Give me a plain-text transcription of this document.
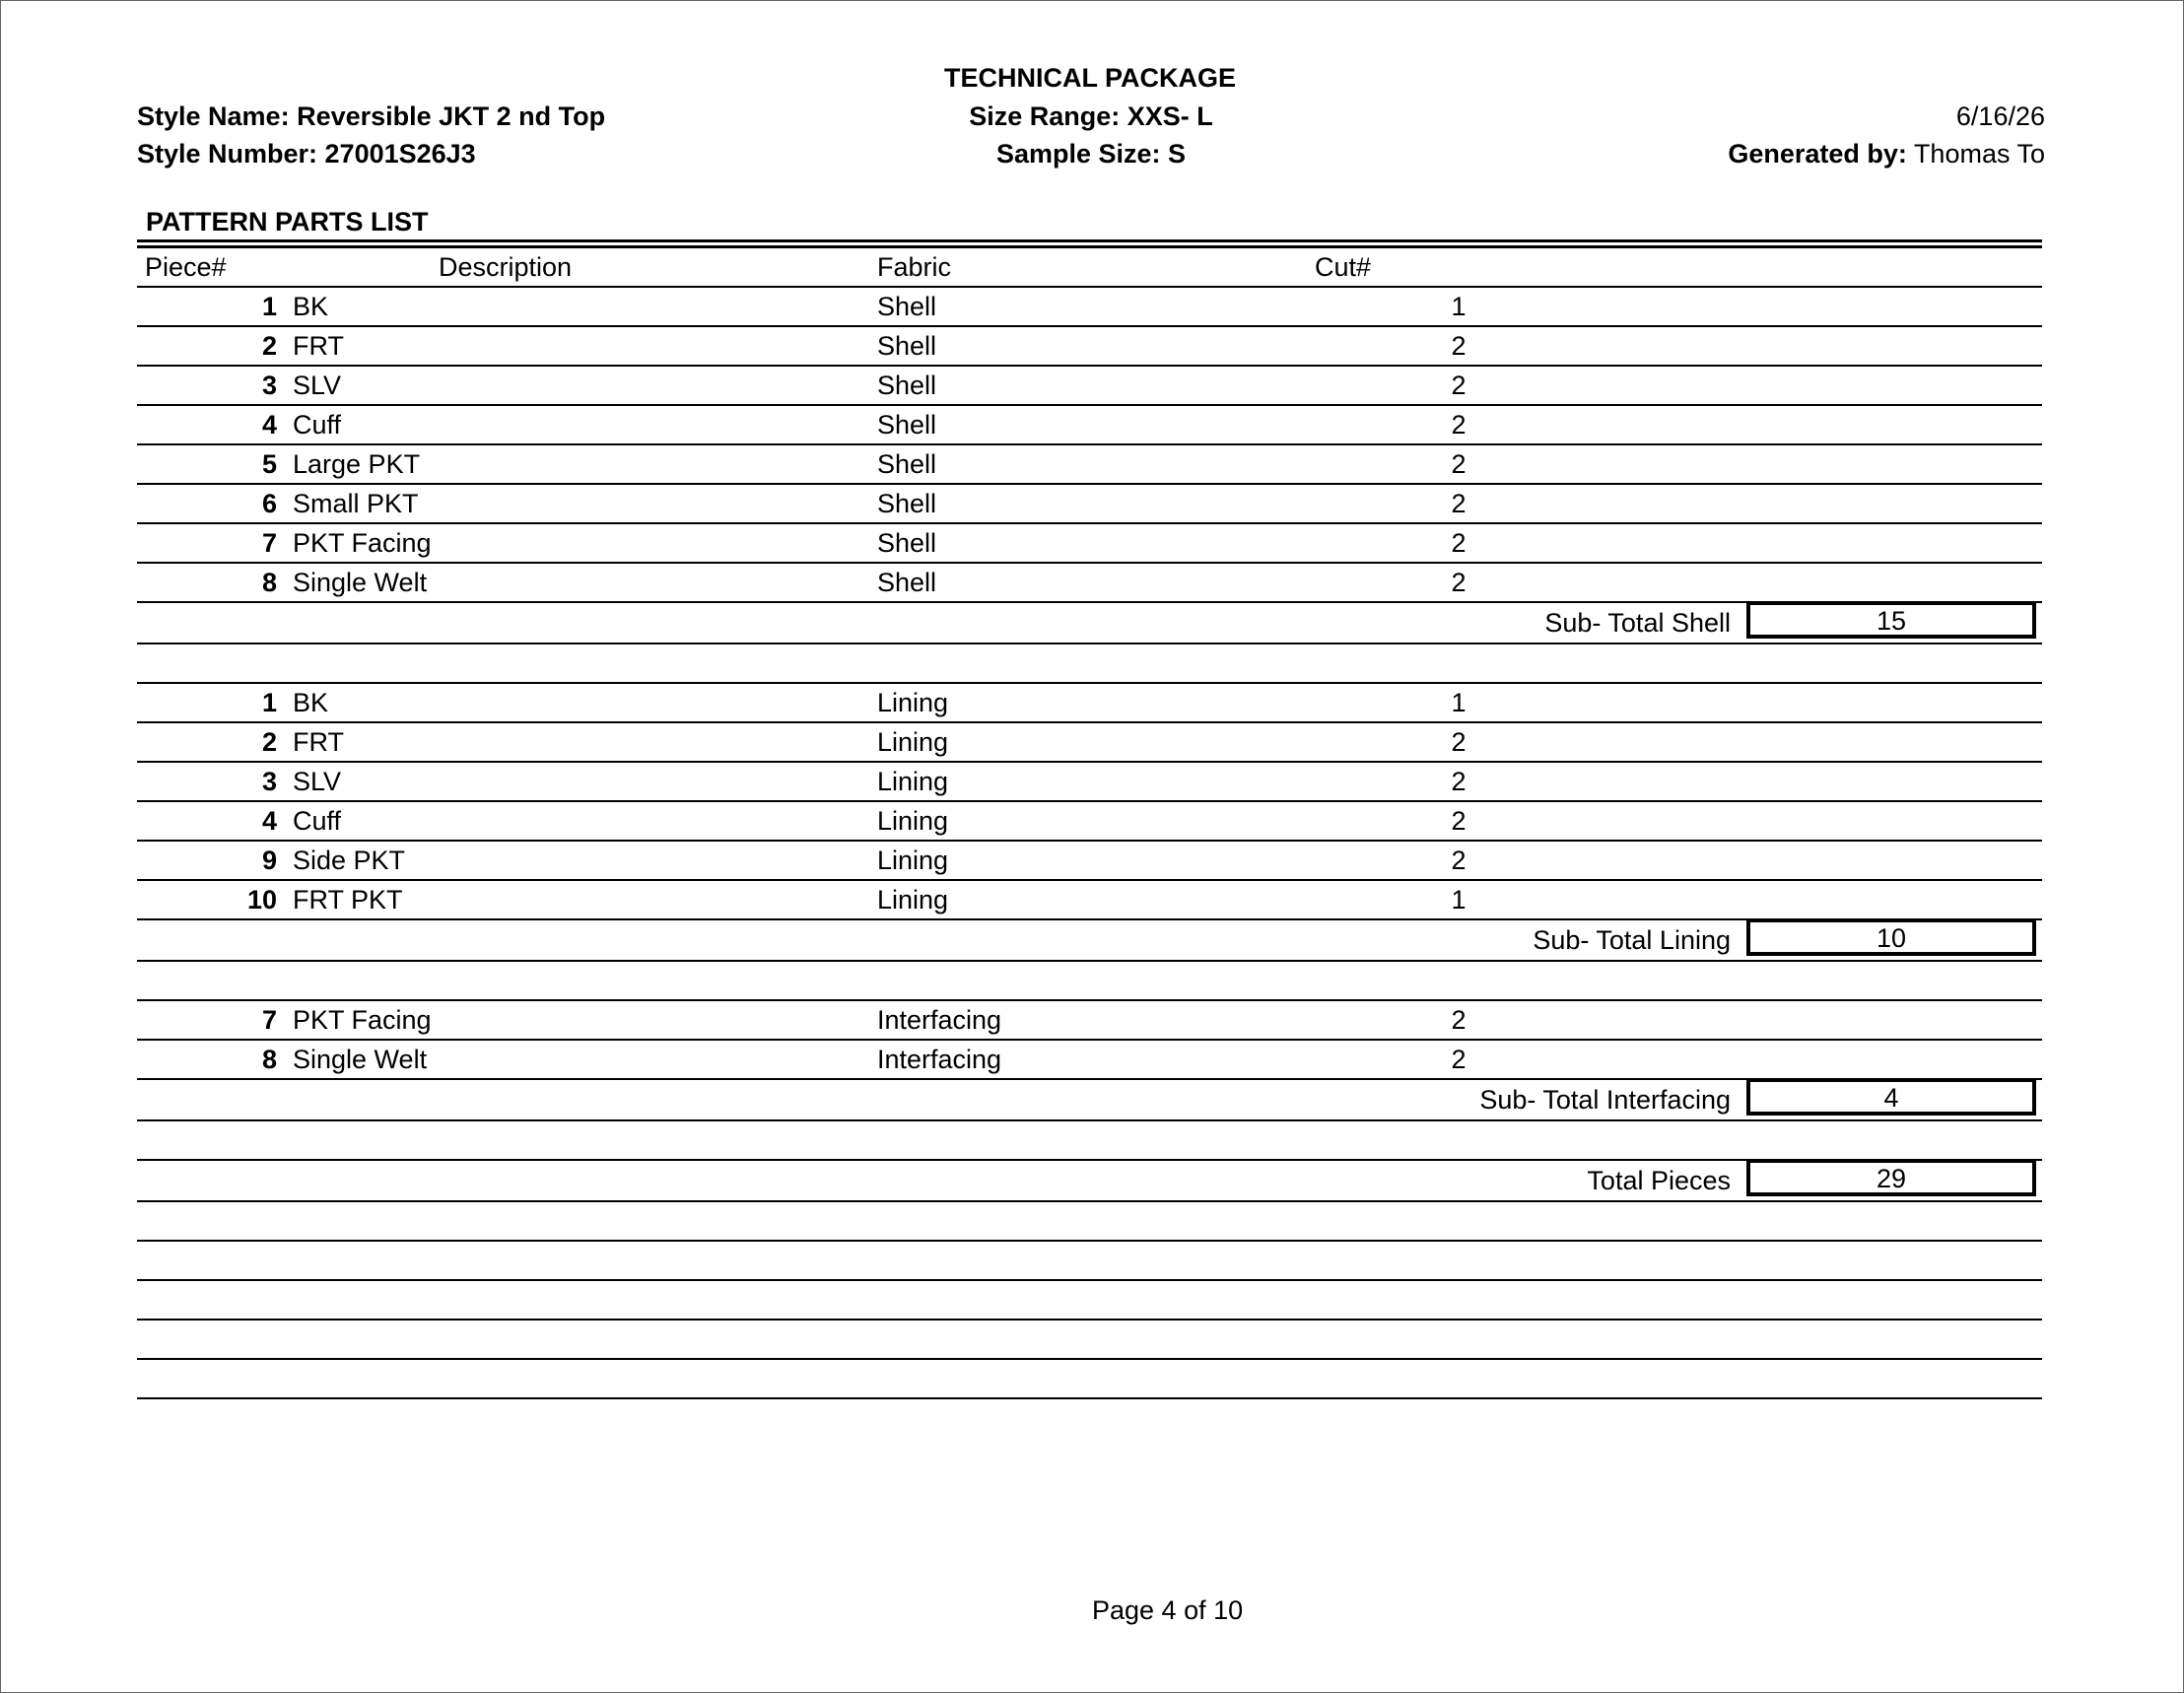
TECHNICAL PACKAGE
Style Name: Reversible JKT 2 nd Top
Style Number: 27001S26J3
Size Range: XXS- L
Sample Size: S
6/16/26
Generated by: Thomas To
PATTERN PARTS LIST
Piece#	Description	Fabric	Cut#
1 BK	Shell	1
2 FRT	Shell	2
3 SLV	Shell	2
4 Cuff	Shell	2
5 Large PKT	Shell	2
6 Small PKT	Shell	2
7 PKT Facing	Shell	2
8 Single Welt	Shell	2
Sub- Total Shell	15
1 BK	Lining	1
2 FRT	Lining	2
3 SLV	Lining	2
4 Cuff	Lining	2
9 Side PKT	Lining	2
10 FRT PKT	Lining	1
Sub- Total Lining	10
7 PKT Facing	Interfacing	2
8 Single Welt	Interfacing	2
Sub- Total Interfacing	4
Total Pieces	29
Page 4 of 10
